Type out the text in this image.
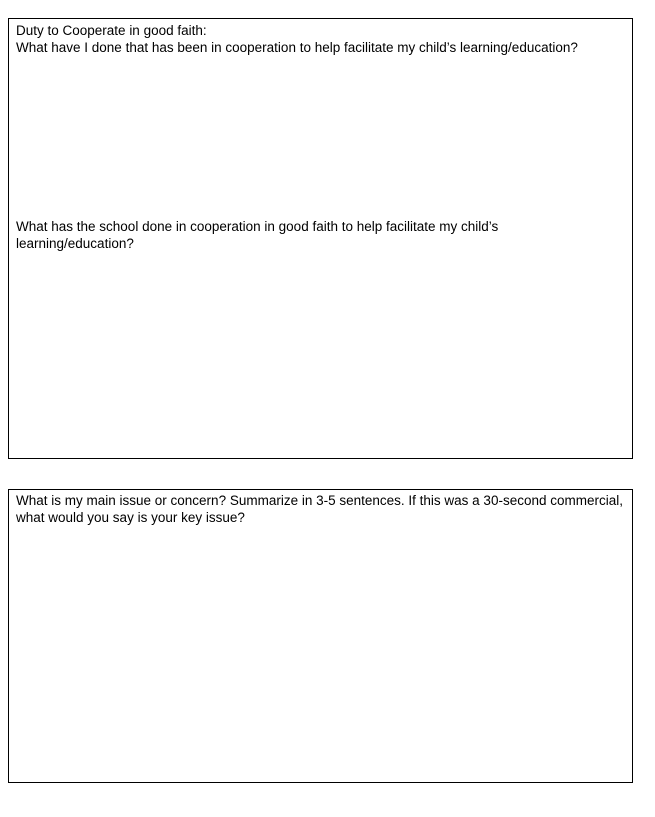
Duty to Cooperate in good faith:

What have I done that has been in cooperation to help facilitate my child’s learning/education?

What has the school done in cooperation in good faith to help facilitate my child’s learning/education?

What is my main issue or concern? Summarize in 3-5 sentences. If this was a 30-second commercial, what would you say is your key issue?
